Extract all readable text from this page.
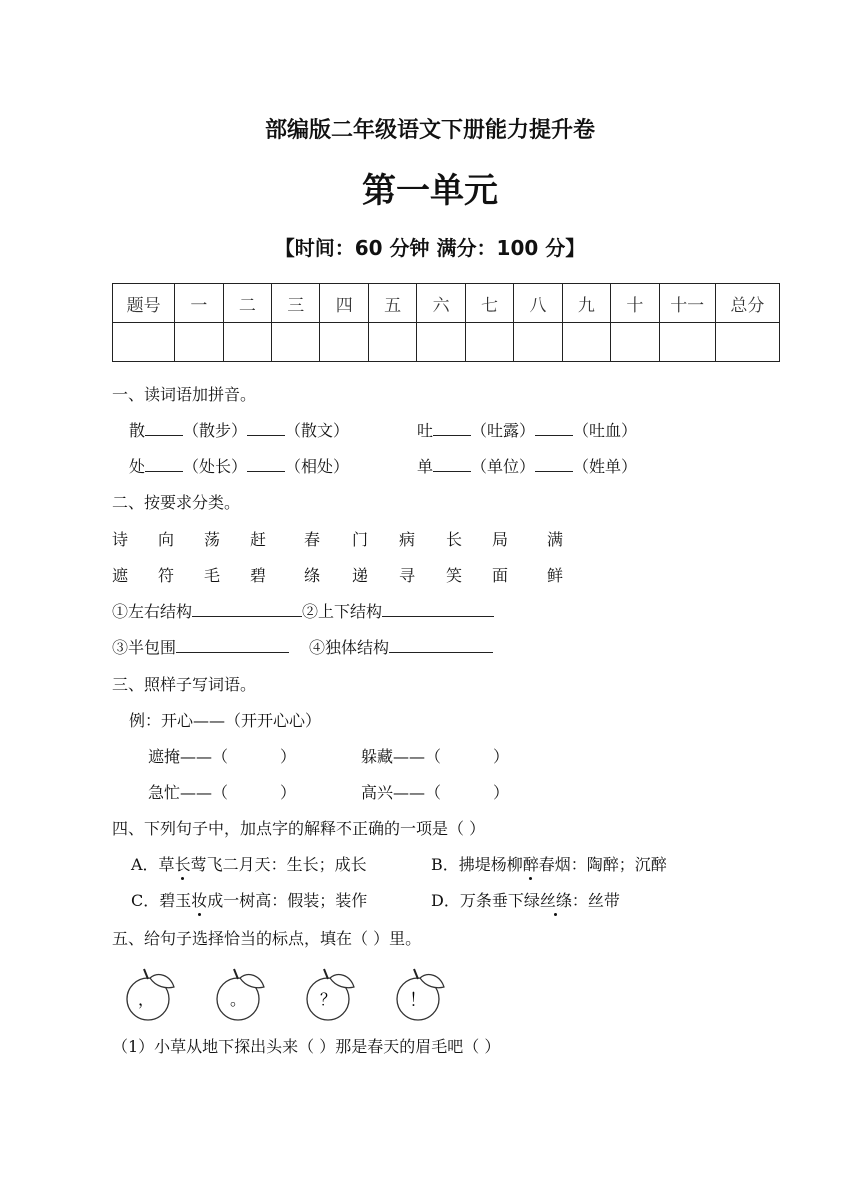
部编版二年级语文下册能力提升卷
第一单元
【时间：60 分钟 满分：100 分】
题号	一	二	三	四	五	六	七	八	九	十	十一	总分

一、读词语加拼音。
散 （散步） （散文）	吐 （吐露） （吐血）
处 （处长） （相处）	单 （单位） （姓单）
二、按要求分类。
诗 向 荡 赶 春 门 病 长 局 满
遮 符 毛 碧 绦 递 寻 笑 面 鲜
①左右结构	②上下结构
③半包围	④独体结构
三、照样子写词语。
例：开心——（开开心心）
遮掩——（	）	躲藏——（	）
急忙——（	）	高兴——（	）
四、下列句子中，加点字的解释不正确的一项是（ ）
A．草长莺飞二月天：生长；成长	B．拂堤杨柳醉春烟：陶醉；沉醉
C．碧玉妆成一树高：假装；装作	D．万条垂下绿丝绦：丝带
五、给句子选择恰当的标点，填在（ ）里。
，	。	？	！
（1）小草从地下探出头来（ ）那是春天的眉毛吧（ ）
